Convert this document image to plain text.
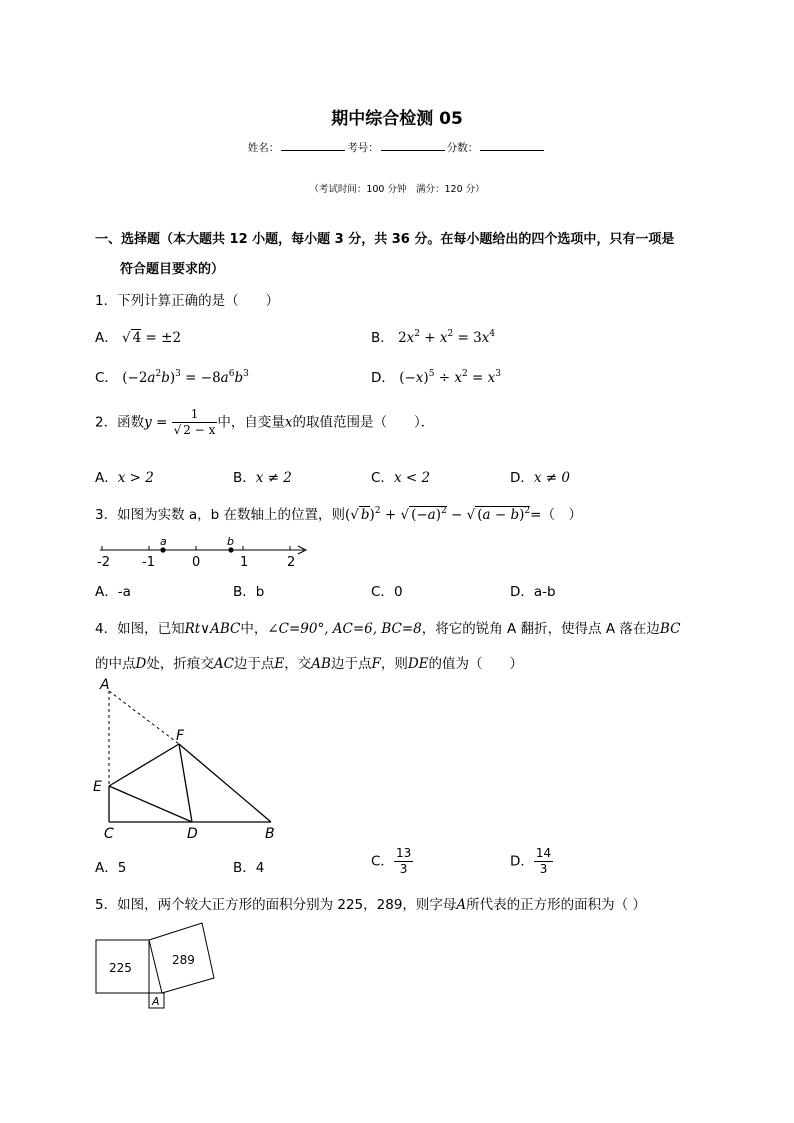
期中综合检测 05
姓名：	考号：	分数：
（考试时间：100 分钟　满分：120 分）
一、选择题（本大题共 12 小题，每小题 3 分，共 36 分。在每小题给出的四个选项中，只有一项是
符合题目要求的）
1．下列计算正确的是（　　）
A． √ 4 = ±2	B． $2x^2 + x^2 = 3x^4$
C． $(-2a^2b)^3 = -8a^6b^3$	D． $(-x)^5 \div x^2 = x^3$
2．函数$y = \frac{1}{√ 2 - x}$ 中，自变量x的取值范围是（　　）．
A．x > 2	B．x ≠ 2	C．x < 2	D．x ≠ 0
3．如图为实数 a，b 在数轴上的位置，则(√ b)$^2$ + √ $(-a)^2$ − √ $(a - b)^2=$（　）
-2 -1	0	1	2
a	b
A．-a	B．b	C．0	D．a-b
4．如图，已知Rt∨ABC中，∠C=90°, AC=6, BC=8，将它的锐角 A 翻折，使得点 A 落在边BC
的中点D处，折痕交AC边于点E，交AB边于点F，则DE的值为（　　）
A
F
E
C	D	B
A．5	B．4	C． $\frac{13}{3}$	D． $\frac{14}{3}$
5．如图，两个较大正方形的面积分别为 225，289，则字母A所代表的正方形的面积为（ ）
225
289
A
